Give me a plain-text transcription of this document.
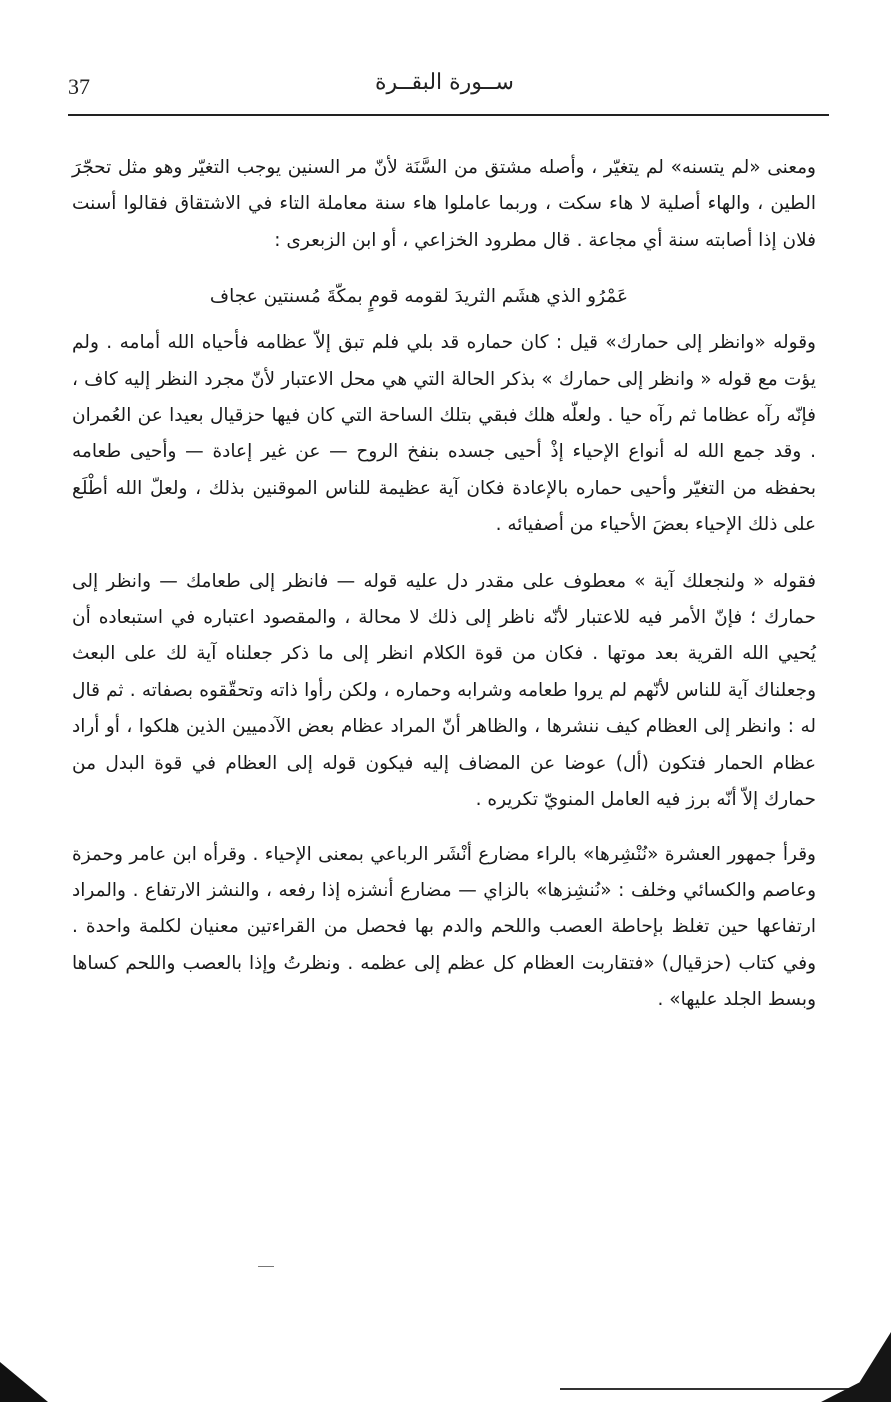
37	ســورة البقــرة

ومعنى «لم يتسنه» لم يتغيّر ، وأصله مشتق من السَّنَة لأنّ مر السنين يوجب التغيّر وهو مثل تحجّرَ الطين ، والهاء أصلية لا هاء سكت ، وربما عاملوا هاء سنة معاملة التاء في الاشتقاق فقالوا أسنت فلان إذا أصابته سنة أي مجاعة . قال مطرود الخزاعي ، أو ابن الزبعرى :

عَمْرُو الذي هشَم الثريدَ لقومه قومٍ بمكّةَ مُسنتين عجاف

وقوله «وانظر إلى حمارك» قيل : كان حماره قد بلي فلم تبق إلاّ عظامه فأحياه الله أمامه . ولم يؤت مع قوله « وانظر إلى حمارك » بذكر الحالة التي هي محل الاعتبار لأنّ مجرد النظر إليه كاف ، فإنّه رآه عظاما ثم رآه حيا . ولعلّه هلك فبقي بتلك الساحة التي كان فيها حزقيال بعيدا عن العُمران . وقد جمع الله له أنواع الإحياء إذْ أحيى جسده بنفخ الروح — عن غير إعادة — وأحيى طعامه بحفظه من التغيّر وأحيى حماره بالإعادة فكان آية عظيمة للناس الموقنين بذلك ، ولعلّ الله أطْلَع على ذلك الإحياء بعضَ الأحياء من أصفيائه .

فقوله « ولنجعلك آية » معطوف على مقدر دل عليه قوله — فانظر إلى طعامك — وانظر إلى حمارك ؛ فإنّ الأمر فيه للاعتبار لأنّه ناظر إلى ذلك لا محالة ، والمقصود اعتباره في استبعاده أن يُحيي الله القرية بعد موتها . فكان من قوة الكلام انظر إلى ما ذكر جعلناه آية لك على البعث وجعلناك آية للناس لأنّهم لم يروا طعامه وشرابه وحماره ، ولكن رأوا ذاته وتحقّقوه بصفاته . ثم قال له : وانظر إلى العظام كيف ننشرها ، والظاهر أنّ المراد عظام بعض الآدميين الذين هلكوا ، أو أراد عظام الحمار فتكون (أل) عوضا عن المضاف إليه فيكون قوله إلى العظام في قوة البدل من حمارك إلاّ أنّه برز فيه العامل المنويّ تكريره .

وقرأ جمهور العشرة «نُنْشِرها» بالراء مضارع أنْشَر الرباعي بمعنى الإحياء . وقرأه ابن عامر وحمزة وعاصم والكسائي وخلف : «نُنشِزها» بالزاي — مضارع أنشزه إذا رفعه ، والنشز الارتفاع . والمراد ارتفاعها حين تغلظ بإحاطة العصب واللحم والدم بها فحصل من القراءتين معنيان لكلمة واحدة . وفي كتاب (حزقيال) «فتقاربت العظام كل عظم إلى عظمه . ونظرتُ وإذا بالعصب واللحم كساها وبسط الجلد عليها» .
